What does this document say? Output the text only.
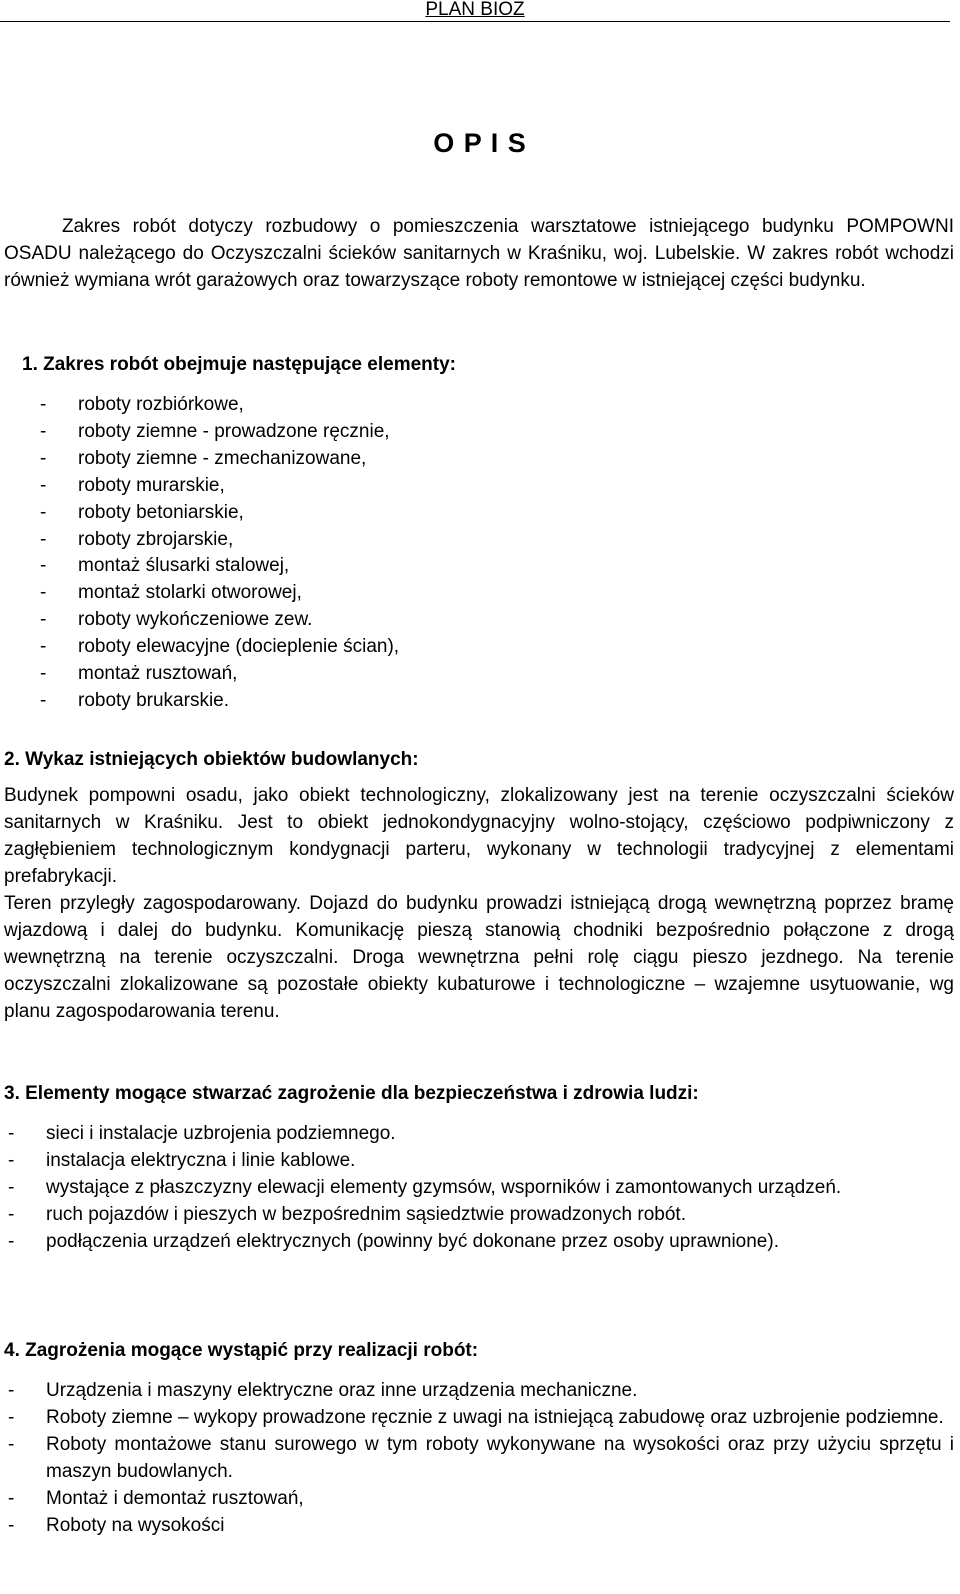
PLAN BIOZ
O P I S
Zakres robót dotyczy rozbudowy o pomieszczenia warsztatowe istniejącego budynku POMPOWNI OSADU należącego do Oczyszczalni ścieków sanitarnych w Kraśniku, woj. Lubelskie. W zakres robót wchodzi również wymiana wrót garażowych oraz towarzyszące roboty remontowe w istniejącej części budynku.
1. Zakres robót obejmuje następujące elementy:
- roboty rozbiórkowe,
- roboty ziemne - prowadzone ręcznie,
- roboty ziemne - zmechanizowane,
- roboty murarskie,
- roboty betoniarskie,
- roboty zbrojarskie,
- montaż ślusarki stalowej,
- montaż stolarki otworowej,
- roboty wykończeniowe zew.
- roboty elewacyjne (docieplenie ścian),
- montaż rusztowań,
- roboty brukarskie.
2. Wykaz istniejących obiektów budowlanych:

Budynek pompowni osadu, jako obiekt technologiczny, zlokalizowany jest na terenie oczyszczalni ścieków sanitarnych w Kraśniku. Jest to obiekt jednokondygnacyjny wolno-stojący, częściowo podpiwniczony z zagłębieniem technologicznym kondygnacji parteru, wykonany w technologii tradycyjnej z elementami prefabrykacji.

Teren przyległy zagospodarowany. Dojazd do budynku prowadzi istniejącą drogą wewnętrzną poprzez bramę wjazdową i dalej do budynku. Komunikację pieszą stanowią chodniki bezpośrednio połączone z drogą wewnętrzną na terenie oczyszczalni. Droga wewnętrzna pełni rolę ciągu pieszo jezdnego. Na terenie oczyszczalni zlokalizowane są pozostałe obiekty kubaturowe i technologiczne – wzajemne usytuowanie, wg planu zagospodarowania terenu.

3. Elementy mogące stwarzać zagrożenie dla bezpieczeństwa i zdrowia ludzi:
- sieci i instalacje uzbrojenia podziemnego.
- instalacja elektryczna i linie kablowe.
- wystające z płaszczyzny elewacji elementy gzymsów, wsporników i zamontowanych urządzeń.
- ruch pojazdów i pieszych w bezpośrednim sąsiedztwie prowadzonych robót.
- podłączenia urządzeń elektrycznych (powinny być dokonane przez osoby uprawnione).
4. Zagrożenia mogące wystąpić przy realizacji robót:
- Urządzenia i maszyny elektryczne oraz inne urządzenia mechaniczne.
- Roboty ziemne – wykopy prowadzone ręcznie z uwagi na istniejącą zabudowę oraz uzbrojenie podziemne.
- Roboty montażowe stanu surowego w tym roboty wykonywane na wysokości oraz przy użyciu sprzętu i maszyn budowlanych.
- Montaż i demontaż rusztowań,
- Roboty na wysokości
